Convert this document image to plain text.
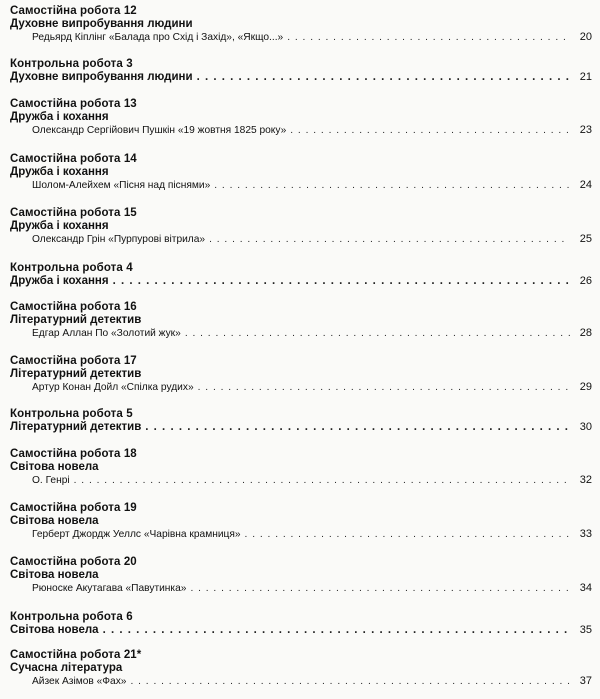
Самостійна робота 12
Духовне випробування людини
Редьярд Кіплінг «Балада про Схід і Захід», «Якщо...» . . .	20
Контрольна робота 3
Духовне випробування людини . . .	21
Самостійна робота 13
Дружба і кохання
Олександр Сергійович Пушкін «19 жовтня 1825 року» . . .	23
Самостійна робота 14
Дружба і кохання
Шолом-Алейхем «Пісня над піснями» . . .	24
Самостійна робота 15
Дружба і кохання
Олександр Грін «Пурпурові вітрила» . . .	25
Контрольна робота 4
Дружба і кохання . . .	26
Самостійна робота 16
Літературний детектив
Едгар Аллан По «Золотий жук» . . .	28
Самостійна робота 17
Літературний детектив
Артур Конан Дойл «Спілка рудих» . . .	29
Контрольна робота 5
Літературний детектив . . .	30
Самостійна робота 18
Світова новела
О. Генрі . . .	32
Самостійна робота 19
Світова новела
Герберт Джордж Уеллс «Чарівна крамниця» . . .	33
Самостійна робота 20
Світова новела
Рюноске Акутагава «Павутинка» . . .	34
Контрольна робота 6
Світова новела . . .	35
Самостійна робота 21*
Сучасна література
Айзек Азімов «Фах» . . .	37
